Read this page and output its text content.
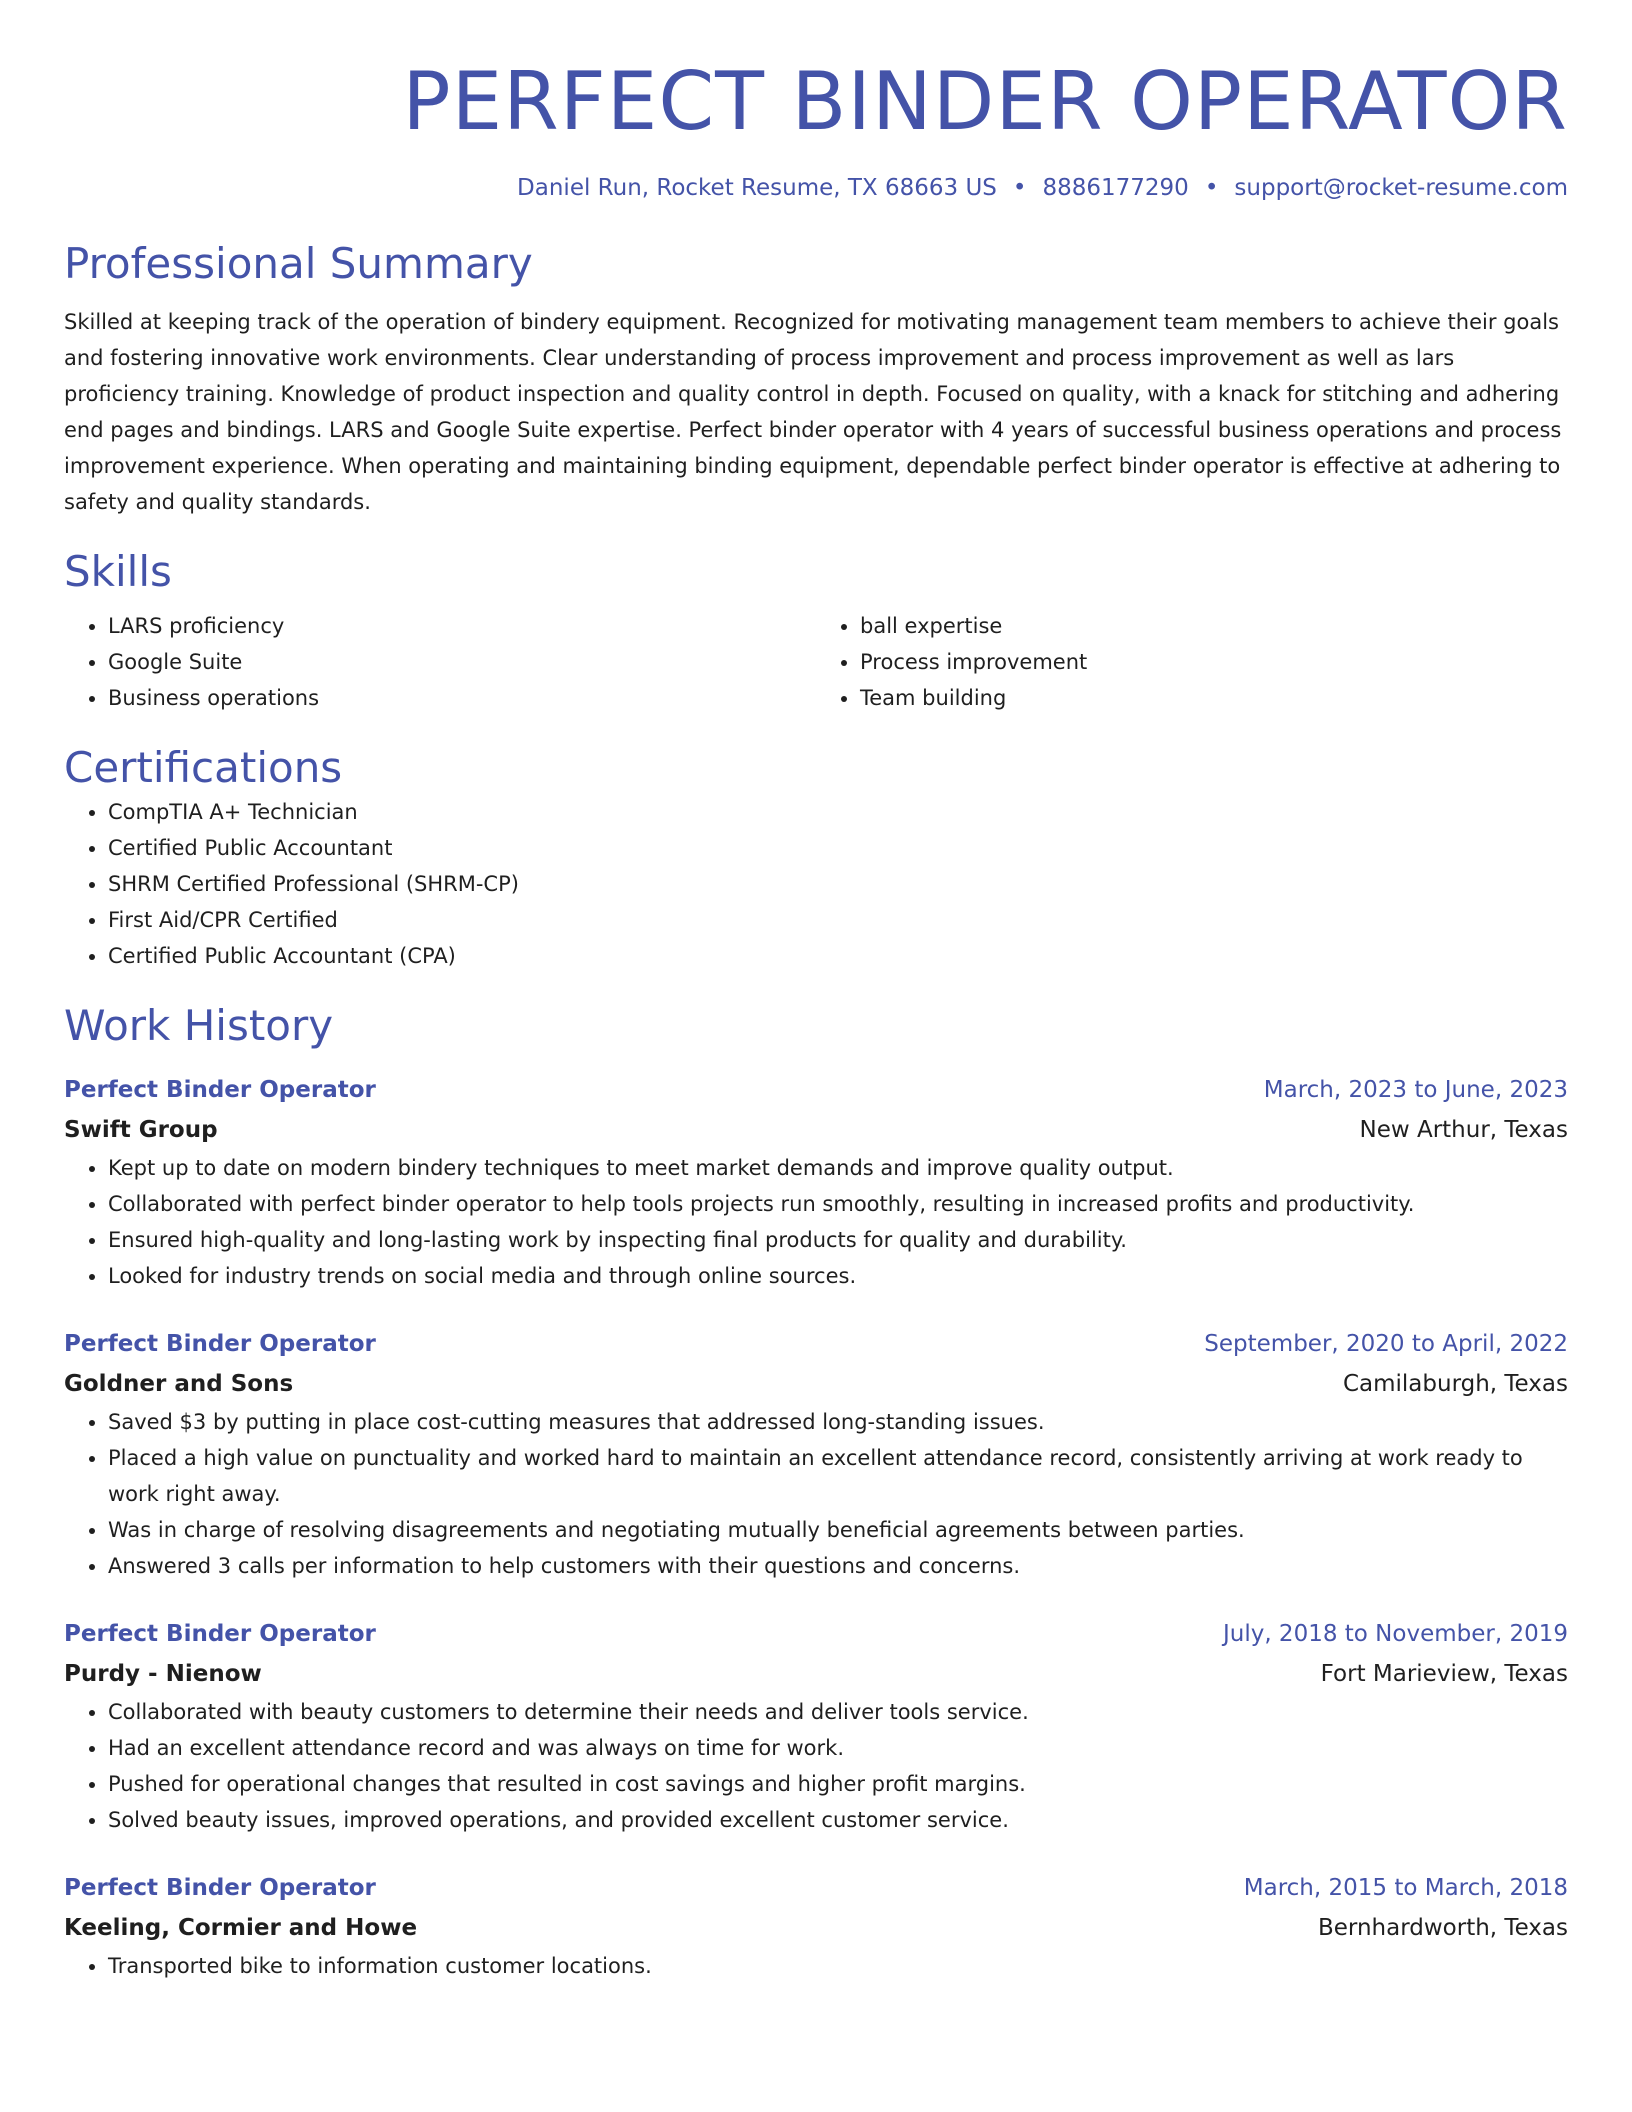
PERFECT BINDER OPERATOR
Daniel Run, Rocket Resume, TX 68663 US • 8886177290 • support@rocket-resume.com
Professional Summary
Skilled at keeping track of the operation of bindery equipment. Recognized for motivating management team members to achieve their goals and fostering innovative work environments. Clear understanding of process improvement and process improvement as well as lars proficiency training. Knowledge of product inspection and quality control in depth. Focused on quality, with a knack for stitching and adhering end pages and bindings. LARS and Google Suite expertise. Perfect binder operator with 4 years of successful business operations and process improvement experience. When operating and maintaining binding equipment, dependable perfect binder operator is effective at adhering to safety and quality standards.
Skills
• LARS proficiency
• Google Suite
• Business operations
• ball expertise
• Process improvement
• Team building
Certifications
• CompTIA A+ Technician
• Certified Public Accountant
• SHRM Certified Professional (SHRM-CP)
• First Aid/CPR Certified
• Certified Public Accountant (CPA)
Work History
Perfect Binder Operator	March, 2023 to June, 2023
Swift Group	New Arthur, Texas
• Kept up to date on modern bindery techniques to meet market demands and improve quality output.
• Collaborated with perfect binder operator to help tools projects run smoothly, resulting in increased profits and productivity.
• Ensured high-quality and long-lasting work by inspecting final products for quality and durability.
• Looked for industry trends on social media and through online sources.
Perfect Binder Operator	September, 2020 to April, 2022
Goldner and Sons	Camilaburgh, Texas
• Saved $3 by putting in place cost-cutting measures that addressed long-standing issues.
• Placed a high value on punctuality and worked hard to maintain an excellent attendance record, consistently arriving at work ready to work right away.
• Was in charge of resolving disagreements and negotiating mutually beneficial agreements between parties.
• Answered 3 calls per information to help customers with their questions and concerns.
Perfect Binder Operator	July, 2018 to November, 2019
Purdy - Nienow	Fort Marieview, Texas
• Collaborated with beauty customers to determine their needs and deliver tools service.
• Had an excellent attendance record and was always on time for work.
• Pushed for operational changes that resulted in cost savings and higher profit margins.
• Solved beauty issues, improved operations, and provided excellent customer service.
Perfect Binder Operator	March, 2015 to March, 2018
Keeling, Cormier and Howe	Bernhardworth, Texas
• Transported bike to information customer locations.
